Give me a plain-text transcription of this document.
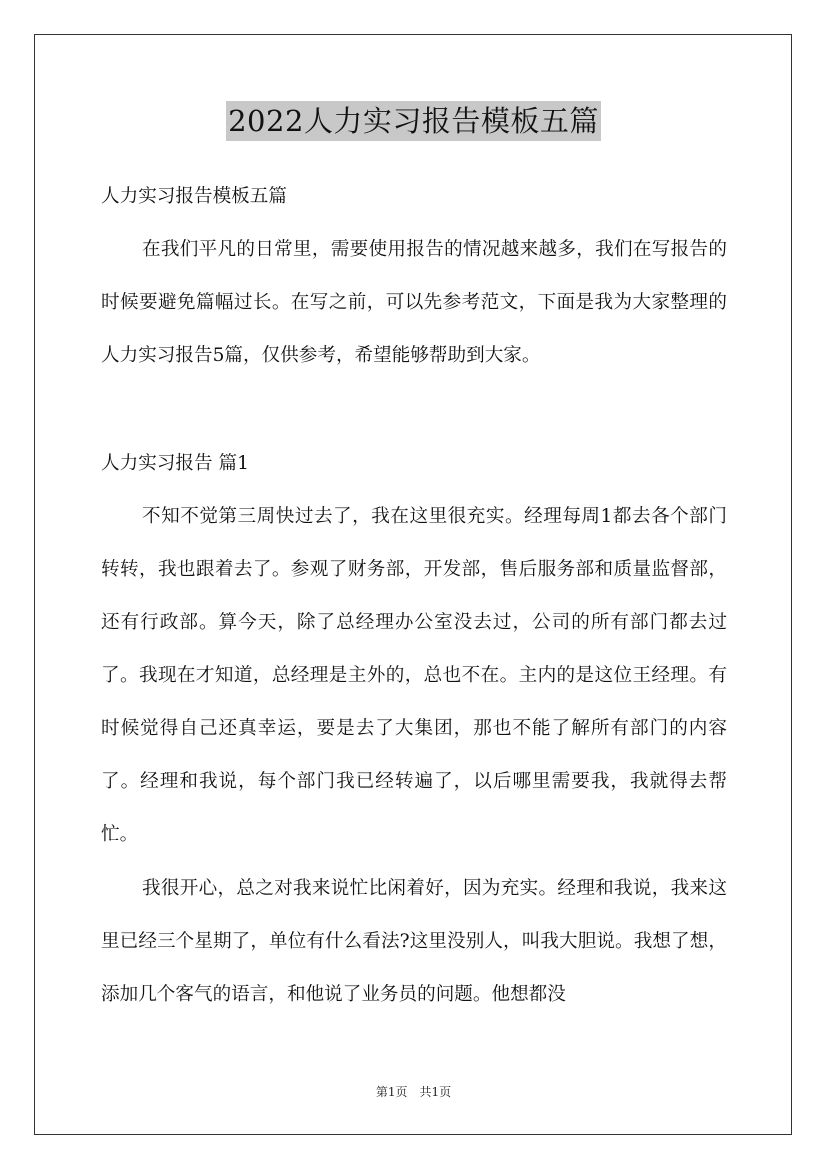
2022人力实习报告模板五篇

人力实习报告模板五篇

在我们平凡的日常里，需要使用报告的情况越来越多，我们在写报告的时候要避免篇幅过长。在写之前，可以先参考范文，下面是我为大家整理的人力实习报告5篇，仅供参考，希望能够帮助到大家。

人力实习报告 篇1

不知不觉第三周快过去了，我在这里很充实。经理每周1都去各个部门转转，我也跟着去了。参观了财务部，开发部，售后服务部和质量监督部，还有行政部。算今天，除了总经理办公室没去过，公司的所有部门都去过了。我现在才知道，总经理是主外的，总也不在。主内的是这位王经理。有时候觉得自己还真幸运，要是去了大集团，那也不能了解所有部门的内容了。经理和我说，每个部门我已经转遍了，以后哪里需要我，我就得去帮忙。

我很开心，总之对我来说忙比闲着好，因为充实。经理和我说，我来这里已经三个星期了，单位有什么看法?这里没别人，叫我大胆说。我想了想，添加几个客气的语言，和他说了业务员的问题。他想都没

第1页　共1页
